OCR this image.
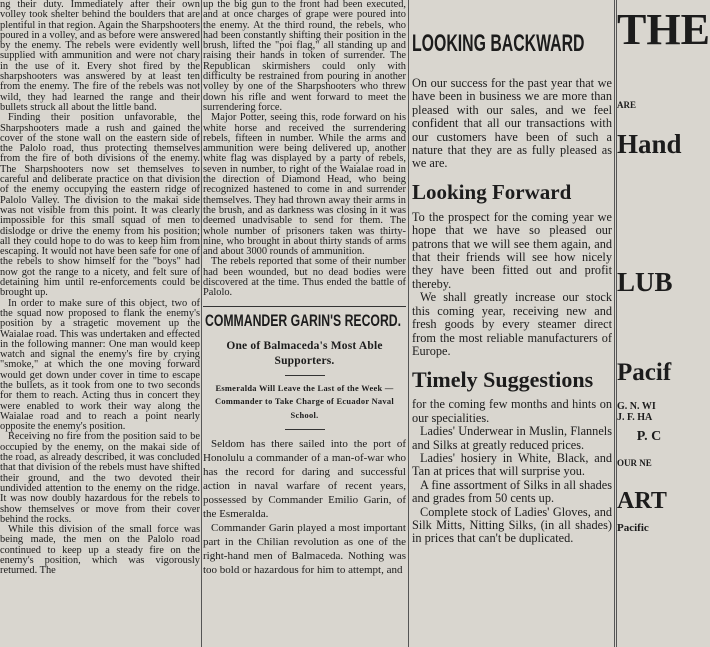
ng their duty. Immediately after their own volley took shelter behind the boulders that are plentiful in that region. Again the Sharpshooters poured in a volley, and as before were answered by the enemy. The rebels were evidently well supplied with ammunition and were not chary in the use of it. Every shot fired by the sharpshooters was answered by at least ten from the enemy. The fire of the rebels was not wild, they had learned the range and their bullets struck all about the little band.

Finding their position unfavorable, the Sharpshooters made a rush and gained the cover of the stone wall on the eastern side of the Palolo road, thus protecting themselves from the fire of both divisions of the enemy. The Sharpshooters now set themselves to careful and deliberate practice on that division of the enemy occupying the eastern ridge of Palolo Valley. The division to the makai side was not visible from this point. It was clearly impossible for this small squad of men to dislodge or drive the enemy from his position; all they could hope to do was to keep him from escaping. It would not have been safe for one of the rebels to show himself for the "boys" had now got the range to a nicety, and felt sure of detaining him until re-enforcements could be brought up.

In order to make sure of this object, two of the squad now proposed to flank the enemy's position by a stragetic movement up the Waialae road. This was undertaken and effected in the following manner: One man would keep watch and signal the enemy's fire by crying "smoke," at which the one moving forward would get down under cover in time to escape the bullets, as it took from one to two seconds for them to reach. Acting thus in concert they were enabled to work their way along the Waialae road and to reach a point nearly opposite the enemy's position.

Receiving no fire from the position said to be occupied by the enemy, on the makai side of the road, as already described, it was concluded that that division of the rebels must have shifted their ground, and the two devoted their undivided attention to the enemy on the ridge. It was now doubly hazardous for the rebels to show themselves or move from their cover behind the rocks.

While this division of the small force was being made, the men on the Palolo road continued to keep up a steady fire on the enemy's position, which was vigorously returned. The

up the big gun to the front had been executed, and at once charges of grape were poured into the enemy. At the third round, the rebels, who had been constantly shifting their position in the brush, lifted the "poi flag," all standing up and raising their hands in token of surrender. The Republican skirmishers could only with difficulty be restrained from pouring in another volley by one of the Sharpshooters who threw down his rifle and went forward to meet the surrendering force.

Major Potter, seeing this, rode forward on his white horse and received the surrendering rebels, fifteen in number. While the arms and ammunition were being delivered up, another white flag was displayed by a party of rebels, seven in number, to right of the Waialae road in the direction of Diamond Head, who being recognized hastened to come in and surrender themselves. They had thrown away their arms in the brush, and as darkness was closing in it was deemed unadvisable to send for them. The whole number of prisoners taken was thirty-nine, who brought in about thirty stands of arms and about 3000 rounds of ammunition.

The rebels reported that some of their number had been wounded, but no dead bodies were discovered at the time. Thus ended the battle of Palolo.

COMMANDER GARIN'S RECORD.
One of Balmaceda's Most Able Supporters.
Esmeralda Will Leave the Last of the Week — Commander to Take Charge of Ecuador Naval School.

Seldom has there sailed into the port of Honolulu a commander of a man-of-war who has the record for daring and successful action in naval warfare of recent years, possessed by Commander Emilio Garin, of the Esmeralda.

Commander Garin played a most important part in the Chilian revolution as one of the right-hand men of Balmaceda. Nothing was too bold or hazardous for him to attempt, and

LOOKING BACKWARD

On our success for the past year that we have been in business we are more than pleased with our sales, and we feel confident that all our transactions with our customers have been of such a nature that they are as fully pleased as we are.

Looking Forward

To the prospect for the coming year we hope that we have so pleased our patrons that we will see them again, and that their friends will see how nicely they have been fitted out and profit thereby.

We shall greatly increase our stock this coming year, receiving new and fresh goods by every steamer direct from the most reliable manufacturers of Europe.

Timely Suggestions

for the coming few months and hints on our specialities.

Ladies' Underwear in Muslin, Flannels and Silks at greatly reduced prices.

Ladies' hosiery in White, Black, and Tan at prices that will surprise you.

A fine assortment of Silks in all shades and grades from 50 cents up.

Complete stock of Ladies' Gloves, and Silk Mitts, Nitting Silks, (in all shades) in prices that can't be duplicated.

THE
ARE
Hand
LUB
Pacif
G. N. WI
J. F. HA
P. C
OUR NE
ART
Pacific
